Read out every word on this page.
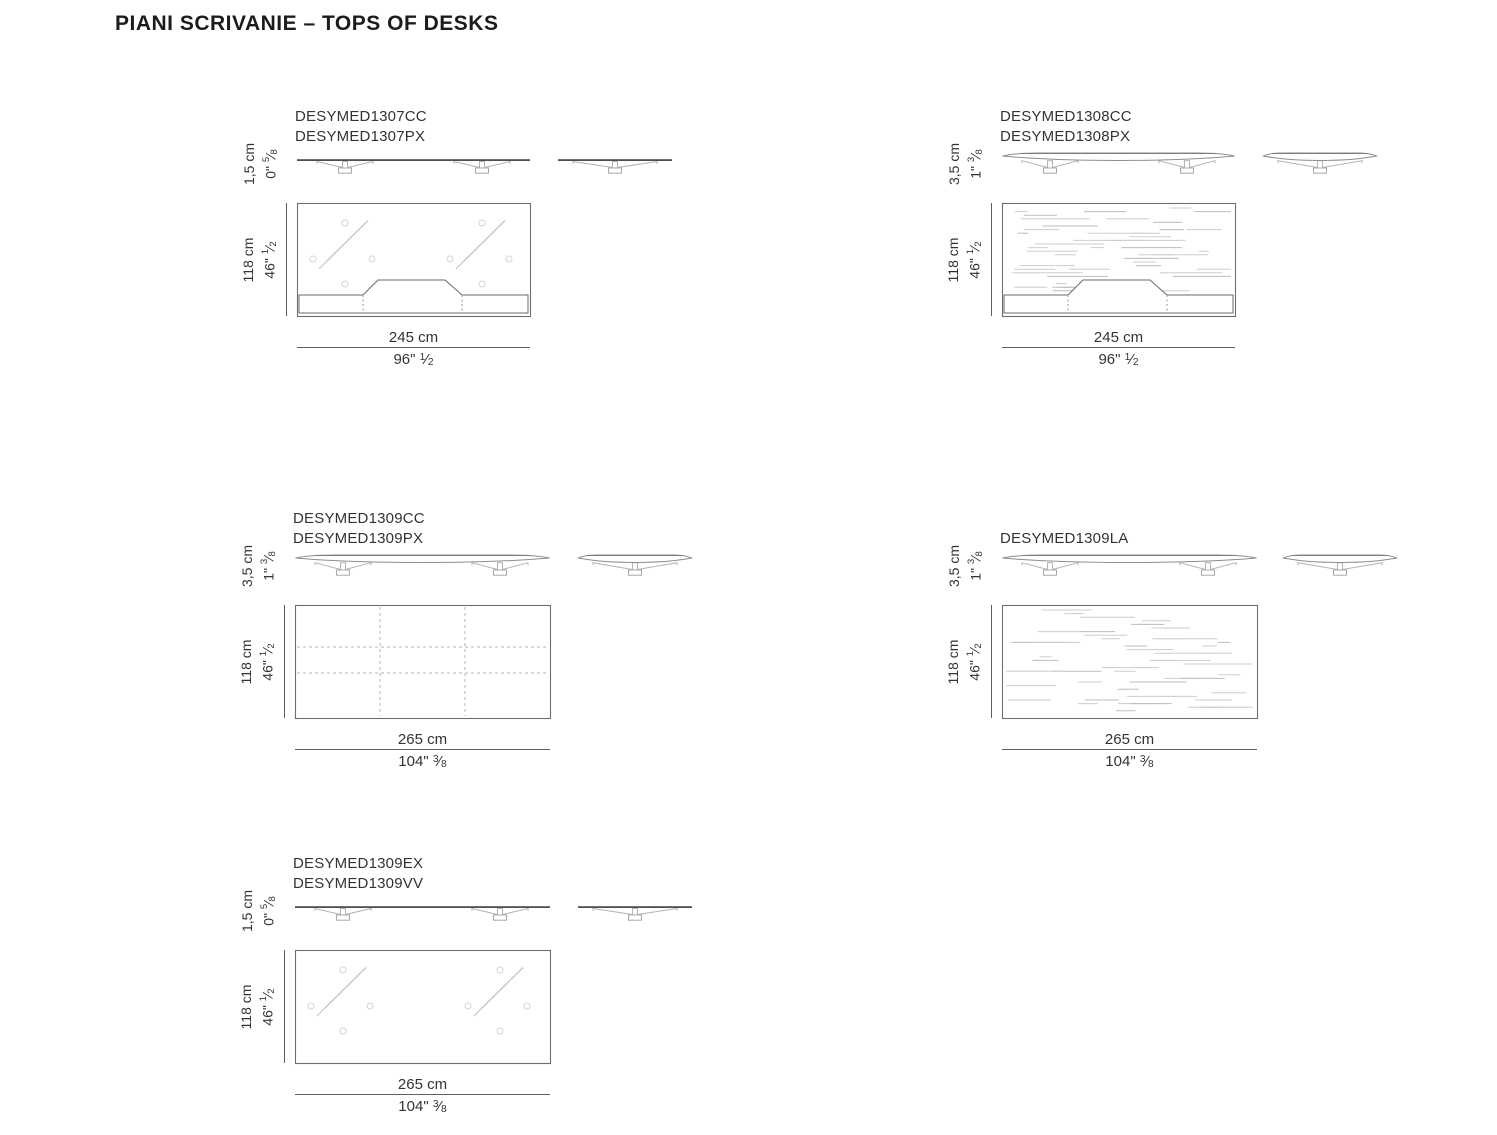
PIANI SCRIVANIE – TOPS OF DESKS
DESYMED1307CC
DESYMED1307PX
1,5 cm 0" $^5⁄_8$
118 cm 46" $^1⁄_2$
245 cm
96" $^1⁄_2$
DESYMED1308CC
DESYMED1308PX
3,5 cm 1" $^3⁄_8$
118 cm 46" $^1⁄_2$
245 cm
96" $^1⁄_2$
DESYMED1309CC
DESYMED1309PX
3,5 cm 1" $^3⁄_8$
118 cm 46" $^1⁄_2$
265 cm
104" $^3⁄_8$
DESYMED1309LA
3,5 cm 1" $^3⁄_8$
118 cm 46" $^1⁄_2$
265 cm
104" $^3⁄_8$
DESYMED1309EX
DESYMED1309VV
1,5 cm 0" $^5⁄_8$
118 cm 46" $^1⁄_2$
265 cm
104" $^3⁄_8$
